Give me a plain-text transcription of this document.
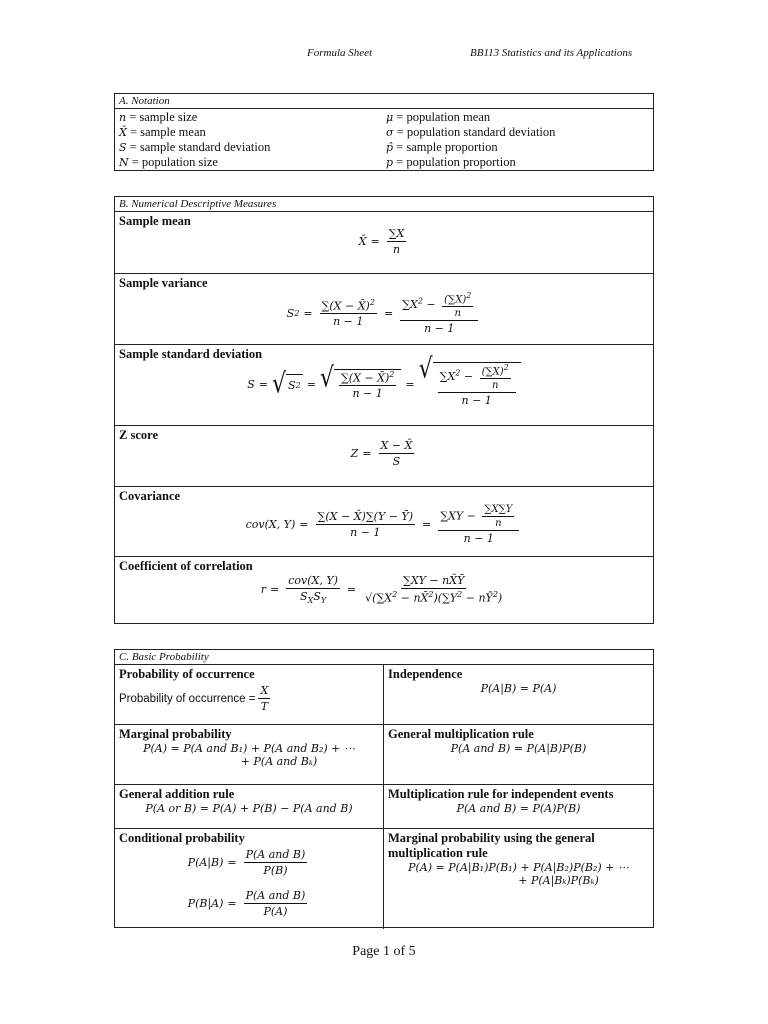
Formula Sheet	BB113 Statistics and its Applications
A. Notation
n = sample size
X̄ = sample mean
S = sample standard deviation
N = population size
μ = population mean
σ = population standard deviation
p̂ = sample proportion
p = population proportion
B. Numerical Descriptive Measures
Sample mean
X̄ = $\frac{\sum X}{n}$
Sample variance
S $2 = \frac{\sum(X - X̄)^2}{n - 1} = \frac{\sum X^2 - \frac{(\sum X)^2}{n}}{n - 1}$
Sample standard deviation
S = √ S 2 = √ $\frac{\sum(X - X̄)^2}{n - 1}$ = √ $\frac{\sum X^2 - \frac{(\sum X)^2}{n}}{n - 1}$
Z score
$Z = \frac{X - X̄}{S}$
Covariance
cov(X, $Y) = \frac{\sum(X - X̄)\sum(Y - Ȳ)}{n - 1} = \frac{\sum XY - \frac{\sum X\sum Y}{n}}{n - 1}$
Coefficient of correlation
$r = \frac{\text{cov(X, Y)}}{S_XS_Y} = \frac{\sum XY - nX̄Ȳ}{√(\sum X^2 - nX̄^2)(\sum Y^2 - nȲ^2)}$
C. Basic Probability
Probability of occurrence
Probability of occurrence = $\frac{X}{T}$
Independence
P(A|B) = P(A)
Marginal probability
P(A) = P(A and B₁) + P(A and B₂) + ⋯
+ P(A and Bₖ)
General multiplication rule
P(A and B) = P(A|B)P(B)
General addition rule
P(A or B) = P(A) + P(B) − P(A and B)
Multiplication rule for independent events
P(A and B) = P(A)P(B)
Conditional probability
$P(A|B) = \frac{\text{P(A and B)}}{P(B)}$
$P(B|A) = \frac{\text{P(A and B)}}{P(A)}$
Marginal probability using the general multiplication rule
P(A) = P(A|B₁)P(B₁) + P(A|B₂)P(B₂) + ⋯
+ P(A|Bₖ)P(Bₖ)
Page 1 of 5
